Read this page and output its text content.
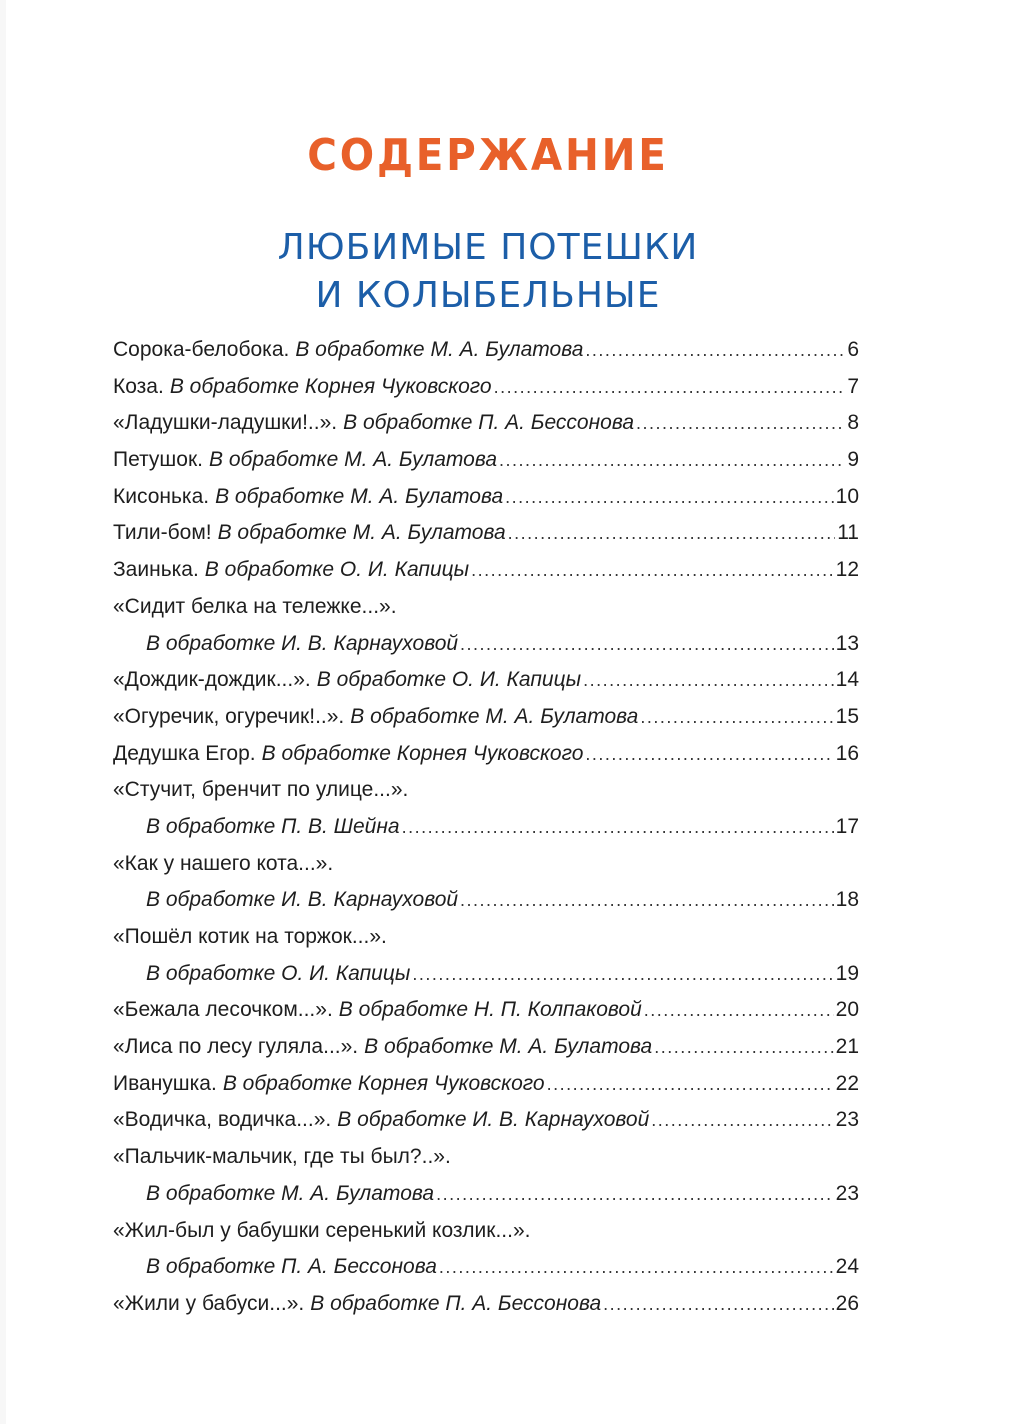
СОДЕРЖАНИЕ
ЛЮБИМЫЕ ПОТЕШКИ
И КОЛЫБЕЛЬНЫЕ
Сорока-белобока. В обработке М. А. Булатова .....	6
Коза. В обработке Корнея Чуковского .....	7
«Ладушки-ладушки!..». В обработке П. А. Бессонова .....	8
Петушок. В обработке М. А. Булатова .....	9
Кисонька. В обработке М. А. Булатова .....	10
Тили-бом! В обработке М. А. Булатова .....	11
Заинька. В обработке О. И. Капицы .....	12
«Сидит белка на тележке...».
В обработке И. В. Карнауховой .....	13
«Дождик-дождик...». В обработке О. И. Капицы .....	14
«Огуречик, огуречик!..». В обработке М. А. Булатова .....	15
Дедушка Егор. В обработке Корнея Чуковского .....	16
«Стучит, бренчит по улице...».
В обработке П. В. Шейна .....	17
«Как у нашего кота...».
В обработке И. В. Карнауховой .....	18
«Пошёл котик на торжок...».
В обработке О. И. Капицы .....	19
«Бежала лесочком...». В обработке Н. П. Колпаковой .....	20
«Лиса по лесу гуляла...». В обработке М. А. Булатова .....	21
Иванушка. В обработке Корнея Чуковского .....	22
«Водичка, водичка...». В обработке И. В. Карнауховой .....	23
«Пальчик-мальчик, где ты был?..».
В обработке М. А. Булатова .....	23
«Жил-был у бабушки серенький козлик...».
В обработке П. А. Бессонова .....	24
«Жили у бабуси...». В обработке П. А. Бессонова .....	26
